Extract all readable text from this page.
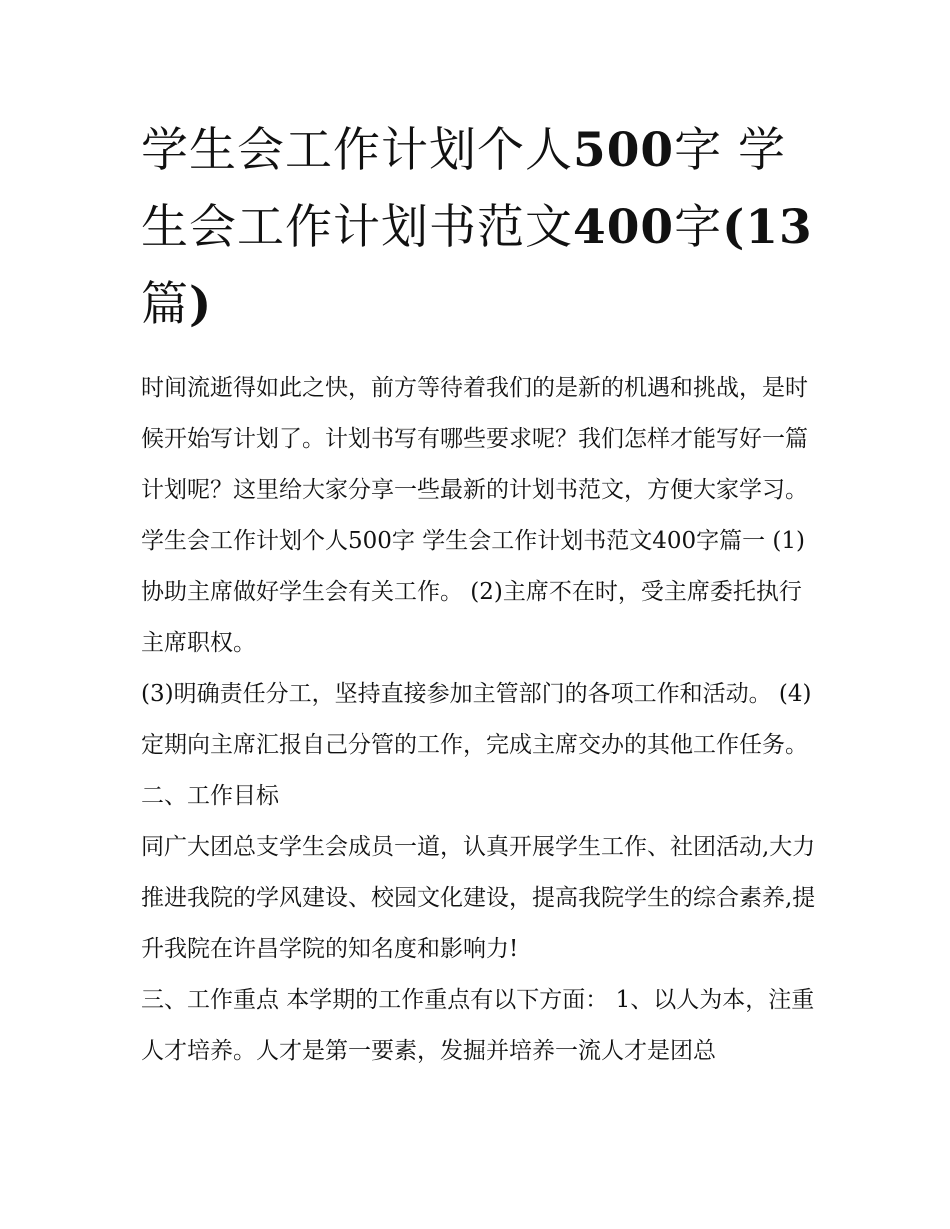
学生会工作计划个人500字 学生会工作计划书范文400字(13篇)

时间流逝得如此之快，前方等待着我们的是新的机遇和挑战，是时候开始写计划了。计划书写有哪些要求呢？我们怎样才能写好一篇计划呢？这里给大家分享一些最新的计划书范文，方便大家学习。

学生会工作计划个人500字 学生会工作计划书范文400字篇一 (1)协助主席做好学生会有关工作。 (2)主席不在时，受主席委托执行主席职权。

(3)明确责任分工，坚持直接参加主管部门的各项工作和活动。 (4)定期向主席汇报自己分管的工作，完成主席交办的其他工作任务。 二、工作目标

同广大团总支学生会成员一道，认真开展学生工作、社团活动,大力推进我院的学风建设、校园文化建设，提高我院学生的综合素养,提升我院在许昌学院的知名度和影响力!

三、工作重点 本学期的工作重点有以下方面： 1、以人为本，注重人才培养。人才是第一要素，发掘并培养一流人才是团总
